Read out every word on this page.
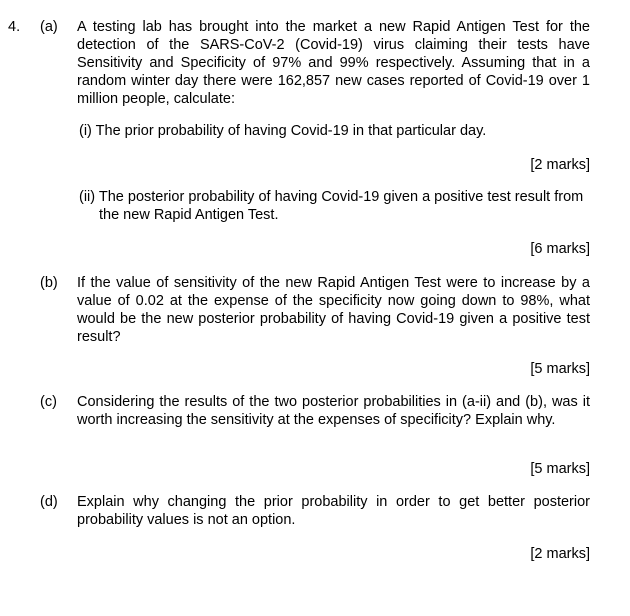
4. (a) A testing lab has brought into the market a new Rapid Antigen Test for the detection of the SARS-CoV-2 (Covid-19) virus claiming their tests have Sensitivity and Specificity of 97% and 99% respectively. Assuming that in a random winter day there were 162,857 new cases reported of Covid-19 over 1 million people, calculate:
(i) The prior probability of having Covid-19 in that particular day.
[2 marks]
(ii) The posterior probability of having Covid-19 given a positive test result from the new Rapid Antigen Test.
[6 marks]
(b) If the value of sensitivity of the new Rapid Antigen Test were to increase by a value of 0.02 at the expense of the specificity now going down to 98%, what would be the new posterior probability of having Covid-19 given a positive test result?
[5 marks]
(c) Considering the results of the two posterior probabilities in (a-ii) and (b), was it worth increasing the sensitivity at the expenses of specificity? Explain why.
[5 marks]
(d) Explain why changing the prior probability in order to get better posterior probability values is not an option.
[2 marks]
